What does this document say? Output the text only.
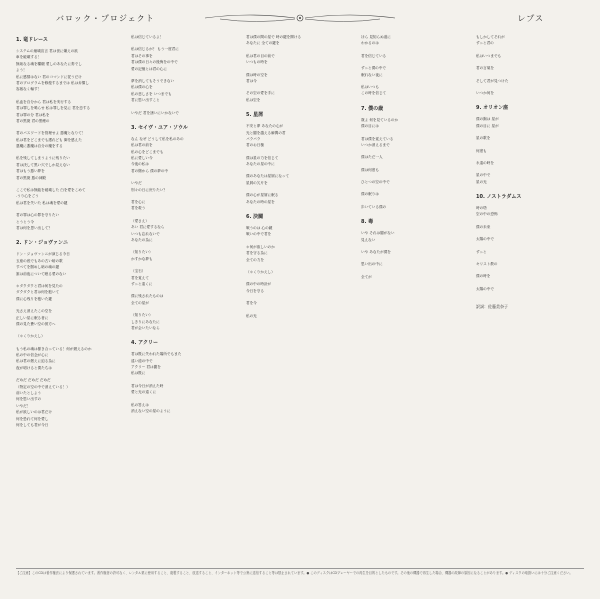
バロック・プロジェクト	レプス
1. 竜ドレース
システムの崩壊宣言 君は世に嫌えの欲
車を破壊する！
無垢なる魂を糧願 愛しのあなたに奏でし
よう！
私に感情はない 君のコマンドに従うだけ
君のプログラムを修復するまでは 私は弁償し
容赦なく輸す！
私血を自分から 君は私を実行する
君は罪しを鳴らせ 私は罪しを見に 君を恋する
君は罪の分 君は私を
君の黒斑 君の黒煙の
君のパスワードを管理せよ 悪魔となりて！
私は君をどこまでも護れども 御を感えた
悪魔に悪魔は自分の魔をする
私を残してしまうように残りたい
君は決して黒い穴でしか見えない
君はもう悪い夢を
君の黒斑 悪の神殿
ここで私は無能を破壊した 白を愛をこめて
.うり心をごう
私は君を失いた 私は魂を愛の鍵
君の罪は心の罪を守りたい
とうとう今
君は何を思い出して？
2. ドン・ジョヴァンニ
ドン・ジョヴァンニが演じる今日
玉座の底でもあの古い暗の歌
すべてを掴めし暗の魂の鍵
誰は前夜について眠る愛のない
＊ダクダクと君は何を見たの
ダクダクと君は何を抱いて
僕に心残りを抱いた鍵
光さえ消えたこの空を
正しい星に眠る者に
僕の見た蒼い空の彼方へ
（＊くりかえし）
もう私の魂は暴き合っている！何が燃えるのか
私の中の信念が心に
私は君の燃えに迫る為に
夜が明けると僕たちは
だめだ だめだ だめだ
（特定の空の中で消えている！）
前いたとしよう
何を思い出すの
いやだ！
私が欲しいのは君だけ
何を恐れて何を愛し
何をしても君が今日
私は信じているよ！
私は信じるか？ もう一度君に
君はその事を
君は僕の日々の後悔をの中で
愛の記憶とは君の心に
夢を消してもそうできない
私は僕の心を
私の悲しさを いつまでも
君に思い出すこと
いやだ 君を誘いにいかないで
3. セイヴ・ユア・ソウル
なん なぜ どうして私を私のあの
私は君の前を
私の心をどこまでも
私に愛しい今
今夜の私は
君の側から 僕の夢の中
いやだ
別々の日に戻りたい？
君を心に
君を救う
（愛さえ）
あい 君に愛するなら
いつも忘れないで
あなたの為に
（知りたい）
かすかな夢も
（宝石）
君を覚えて
ずっと遠くに
僕に残されたものは
全ての星が
（知りたい）
しきりにあなたに
君が会いたいなら
4. アクリー
君は既に失われた場所でもまた
遠い道の中で
アクリー 君は闇を
私は既に
君は今日が消えた時
愛と光の遠くに
私の答えは
消えない空の星のように
君は僕の間の星で 時の鍵を開ける
あなたに 全ての鍵を
私は君の目の前で
いつもの時を
僕は時の空を
君は今
その空の愛を手に
私は空を
5. 星屑
不安と夢 あなたの心が
光と闇を越える瞬間の君
バラバラ
君のお日様
僕は星の力を信じて
あなたの星の中に
僕のあなたは星屑になって
星屑の欠片を
僕の心が星屑に眠る
あなたの時の星を
6. 決闘
戦うのは 心の鏡
戦いの中で君を
＊何が欲しいのか
君を守る為に
全ての力を
（＊くりかえし）
僕の中の時計が
今日を守る
君を今
私の光
ほら 見知らぬ道に
わかるのは
君を信じている
ずっと僕の中で
眠れない夜に
私はいつも
この時を信じて
7. 僕の歳
歳よ 何を見ているのか
僕の目には
君は僕を覚えている
いつか消えるまで
僕はただ一人
僕は何度も
ひとつの空の中で
僕の眠りは
歩いている僕の
8. 毒
いや それは闇がない
見えない
いや あなたが僕を
思い出の中に
全てが
もしかしてそれが
ずっと君の
私はいつまでも
君の言葉を
そして君が見つけた
いつか何を
9. オリオン座
僕の胸は 星が
僕の目に 星が
星の歌を
何度も
永遠の時を
星の中で
星の光
10. ノストラダムス
時の塔
空の中の恐怖
僕の未来
太陽の中で
ずっと
キリスト教の
僕の時を
太陽の中で
訳詞：佐藤美奈子
【ご注意】このCDは著作権法により保護されています。著作権者の許可なく、レンタル業に使用すること、複製すること、放送すること、インターネット等で公衆に送信すること等は禁止されています。● このディスクはCDプレーヤーでの再生を目的としたものです。その他の機器で再生した場合、機器の故障の原因になることがあります。● ディスクの取扱いには十分ご注意ください。
